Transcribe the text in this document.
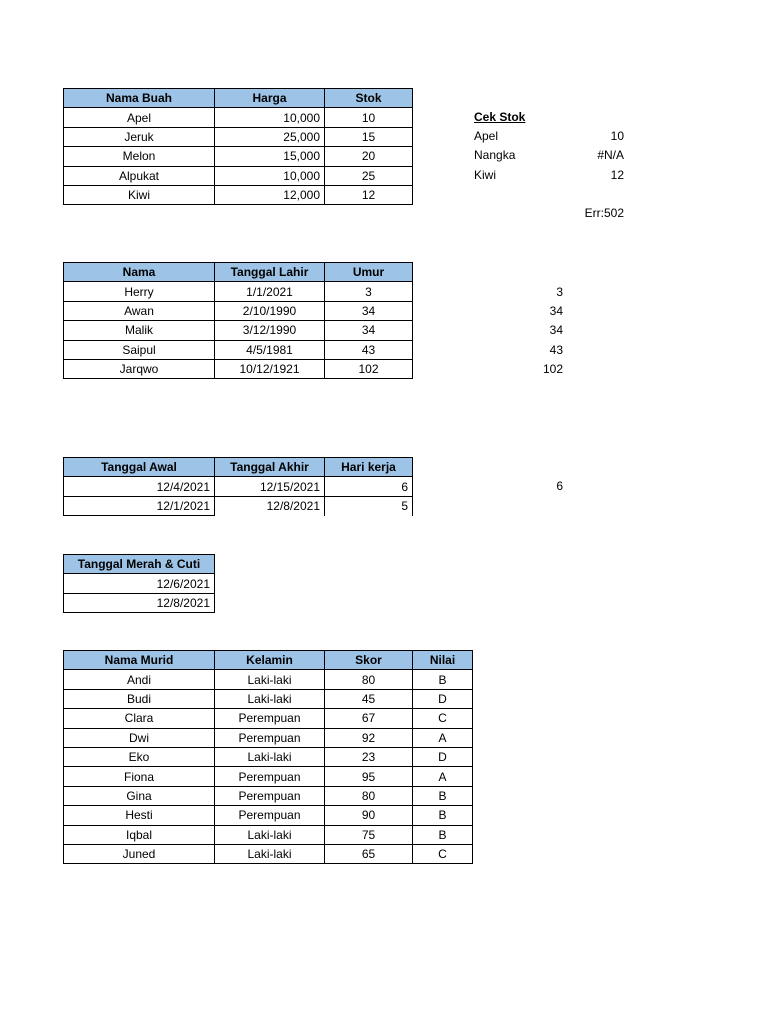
Nama Buah	Harga	Stok
Apel	10,000	10
Jeruk	25,000	15
Melon	15,000	20
Alpukat	10,000	25
Kiwi	12,000	12
Cek Stok
Apel	10
Nangka	#N/A
Kiwi	12
Err:502
Nama	Tanggal Lahir	Umur
Herry	1/1/2021	3
Awan	2/10/1990	34
Malik	3/12/1990	34
Saipul	4/5/1981	43
Jarqwo	10/12/1921	102
3
34
34
43
102
Tanggal Awal	Tanggal Akhir	Hari kerja
12/4/2021	12/15/2021	6
12/1/2021	12/8/2021	5
6
Tanggal Merah & Cuti
12/6/2021
12/8/2021
Nama Murid	Kelamin	Skor	Nilai
Andi	Laki-laki	80	B
Budi	Laki-laki	45	D
Clara	Perempuan	67	C
Dwi	Perempuan	92	A
Eko	Laki-laki	23	D
Fiona	Perempuan	95	A
Gina	Perempuan	80	B
Hesti	Perempuan	90	B
Iqbal	Laki-laki	75	B
Juned	Laki-laki	65	C
